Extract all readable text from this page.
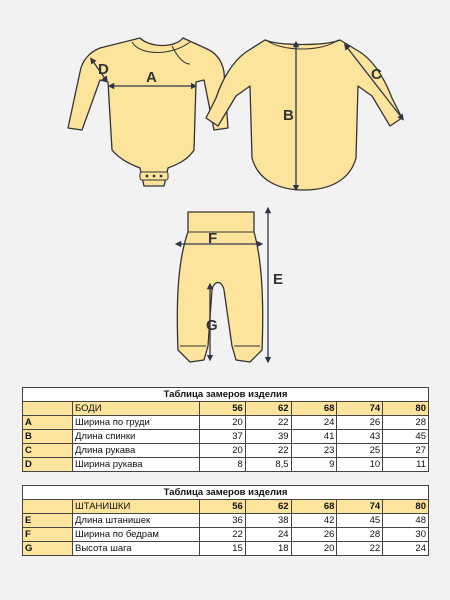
A
B
C
D
E
F
G
Таблица замеров изделия						
	БОДИ	56	62	68	74	80
A	Ширина по груди	20	22	24	26	28
B	Длина спинки	37	39	41	43	45
C	Длина рукава	20	22	23	25	27
D	Ширина рукава	8	8,5	9	10	11
Таблица замеров изделия						
	ШТАНИШКИ	56	62	68	74	80
E	Длина штанишек	36	38	42	45	48
F	Ширина по бедрам	22	24	26	28	30
G	Высота шага	15	18	20	22	24
